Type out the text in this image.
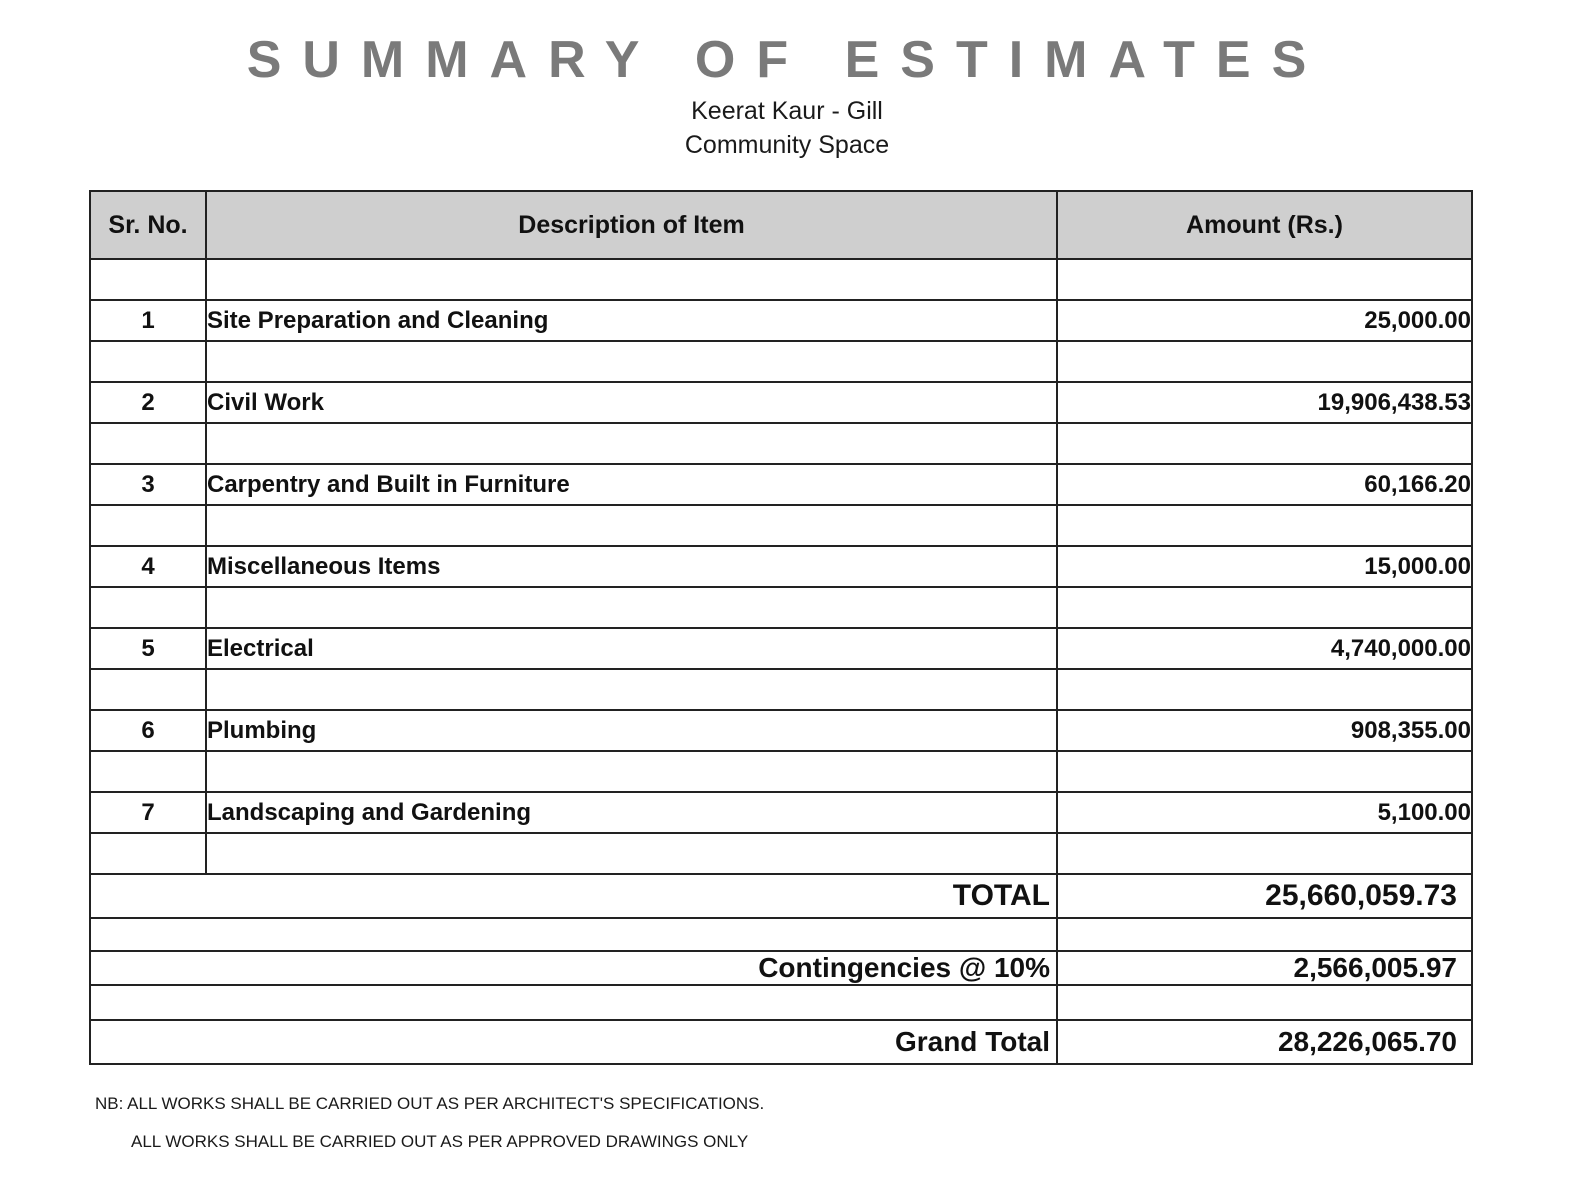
SUMMARY OF ESTIMATES
Keerat Kaur - Gill
Community Space
Sr. No.	Description of Item	Amount (Rs.)

1	Site Preparation and Cleaning	25,000.00

2	Civil Work	19,906,438.53

3	Carpentry and Built in Furniture	60,166.20

4	Miscellaneous Items	15,000.00

5	Electrical	4,740,000.00

6	Plumbing	908,355.00

7	Landscaping and Gardening	5,100.00

TOTAL		25,660,059.73

Contingencies @ 10%		2,566,005.97

Grand Total		28,226,065.70
NB: ALL WORKS SHALL BE CARRIED OUT AS PER ARCHITECT'S SPECIFICATIONS.
ALL WORKS SHALL BE CARRIED OUT AS PER APPROVED DRAWINGS ONLY
